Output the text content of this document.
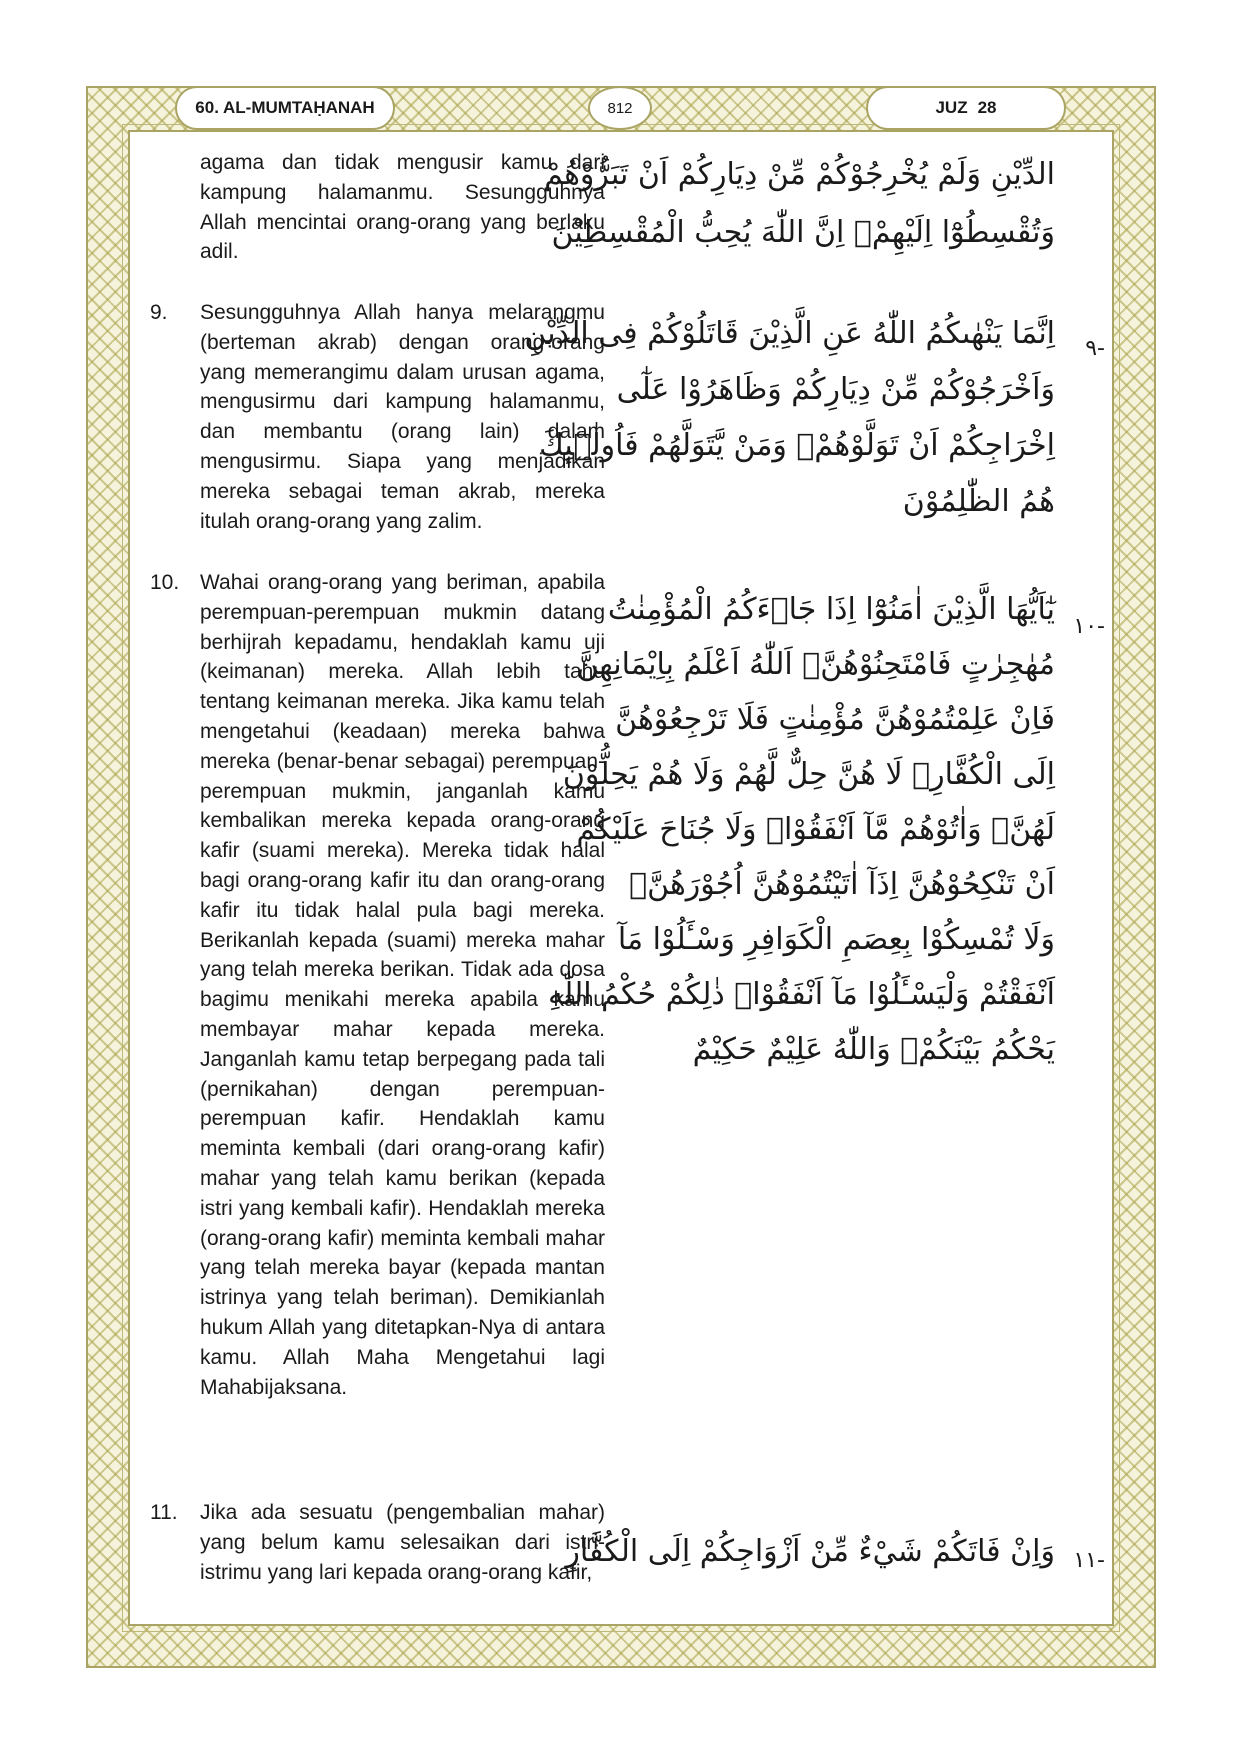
60. AL-MUMTAḤANAH	812	JUZ 28
agama dan tidak mengusir kamu dari kampung halamanmu. Sesungguhnya Allah mencintai orang-orang yang berlaku adil.
الدِّيْنِ وَلَمْ يُخْرِجُوْكُمْ مِّنْ دِيَارِكُمْ اَنْ تَبَرُّوْهُمْ
وَتُقْسِطُوْٓا اِلَيْهِمْۗ اِنَّ اللّٰهَ يُحِبُّ الْمُقْسِطِيْنَ
9.	Sesungguhnya Allah hanya melarangmu (berteman akrab) dengan orang-orang yang memerangimu dalam urusan agama, mengusirmu dari kampung halamanmu, dan membantu (orang lain) dalam mengusirmu. Siapa yang menjadikan mereka sebagai teman akrab, mereka itulah orang-orang yang zalim.
-٩
اِنَّمَا يَنْهٰىكُمُ اللّٰهُ عَنِ الَّذِيْنَ قَاتَلُوْكُمْ فِى الدِّيْنِ
وَاَخْرَجُوْكُمْ مِّنْ دِيَارِكُمْ وَظَاهَرُوْا عَلٰٓى
اِخْرَاجِكُمْ اَنْ تَوَلَّوْهُمْۚ وَمَنْ يَّتَوَلَّهُمْ فَاُولٰۤىِٕكَ
هُمُ الظّٰلِمُوْنَ
10. Wahai orang-orang yang beriman, apabila perempuan-perempuan mukmin datang berhijrah kepadamu, hendaklah kamu uji (keimanan) mereka. Allah lebih tahu tentang keimanan mereka. Jika kamu telah mengetahui (keadaan) mereka bahwa mereka (benar-benar sebagai) perempuan-perempuan mukmin, janganlah kamu kembalikan mereka kepada orang-orang kafir (suami mereka). Mereka tidak halal bagi orang-orang kafir itu dan orang-orang kafir itu tidak halal pula bagi mereka. Berikanlah kepada (suami) mereka mahar yang telah mereka berikan. Tidak ada dosa bagimu menikahi mereka apabila kamu membayar mahar kepada mereka. Janganlah kamu tetap berpegang pada tali (pernikahan) dengan perempuan-perempuan kafir. Hendaklah kamu meminta kembali (dari orang-orang kafir) mahar yang telah kamu berikan (kepada istri yang kembali kafir). Hendaklah mereka (orang-orang kafir) meminta kembali mahar yang telah mereka bayar (kepada mantan istrinya yang telah beriman). Demikianlah hukum Allah yang ditetapkan-Nya di antara kamu. Allah Maha Mengetahui lagi Mahabijaksana.
-١٠
يٰٓاَيُّهَا الَّذِيْنَ اٰمَنُوْٓا اِذَا جَاۤءَكُمُ الْمُؤْمِنٰتُ
مُهٰجِرٰتٍ فَامْتَحِنُوْهُنَّۗ اَللّٰهُ اَعْلَمُ بِاِيْمَانِهِنَّ
فَاِنْ عَلِمْتُمُوْهُنَّ مُؤْمِنٰتٍ فَلَا تَرْجِعُوْهُنَّ
اِلَى الْكُفَّارِۗ لَا هُنَّ حِلٌّ لَّهُمْ وَلَا هُمْ يَحِلُّوْنَ
لَهُنَّۗ وَاٰتُوْهُمْ مَّآ اَنْفَقُوْاۗ وَلَا جُنَاحَ عَلَيْكُمْ
اَنْ تَنْكِحُوْهُنَّ اِذَآ اٰتَيْتُمُوْهُنَّ اُجُوْرَهُنَّۗ
وَلَا تُمْسِكُوْا بِعِصَمِ الْكَوَافِرِ وَسْـَٔلُوْا مَآ
اَنْفَقْتُمْ وَلْيَسْـَٔلُوْا مَآ اَنْفَقُوْاۗ ذٰلِكُمْ حُكْمُ اللّٰهِ
يَحْكُمُ بَيْنَكُمْۗ وَاللّٰهُ عَلِيْمٌ حَكِيْمٌ
11.	Jika ada sesuatu (pengembalian mahar) yang belum kamu selesaikan dari istri-istrimu yang lari kepada orang-orang kafir,	-١١
وَاِنْ فَاتَكُمْ شَيْءٌ مِّنْ اَزْوَاجِكُمْ اِلَى الْكُفَّارِ
